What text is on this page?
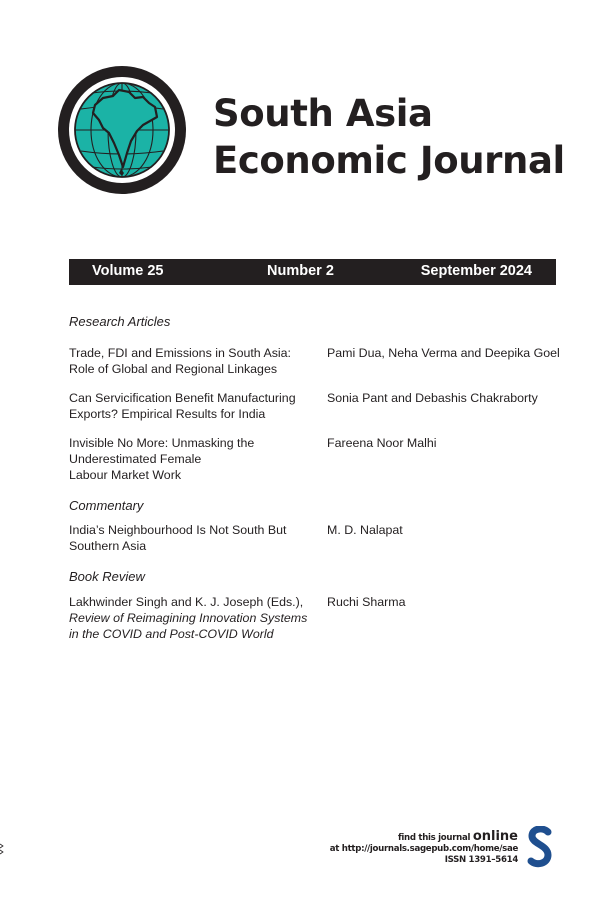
South Asia
Economic Journal
Volume 25	Number 2	September 2024
Research Articles
Trade, FDI and Emissions in South Asia:
Role of Global and Regional Linkages
Pami Dua, Neha Verma and Deepika Goel
Can Servicification Benefit Manufacturing
Exports? Empirical Results for India
Sonia Pant and Debashis Chakraborty
Invisible No More: Unmasking the
Underestimated Female
Labour Market Work
Fareena Noor Malhi
Commentary
India’s Neighbourhood Is Not South But
Southern Asia
M. D. Nalapat
Book Review
Lakhwinder Singh and K. J. Joseph (Eds.),
Review of Reimagining Innovation Systems
in the COVID and Post-COVID World
Ruchi Sharma
find this journal online
at http://journals.sagepub.com/home/sae
ISSN 1391–5614
